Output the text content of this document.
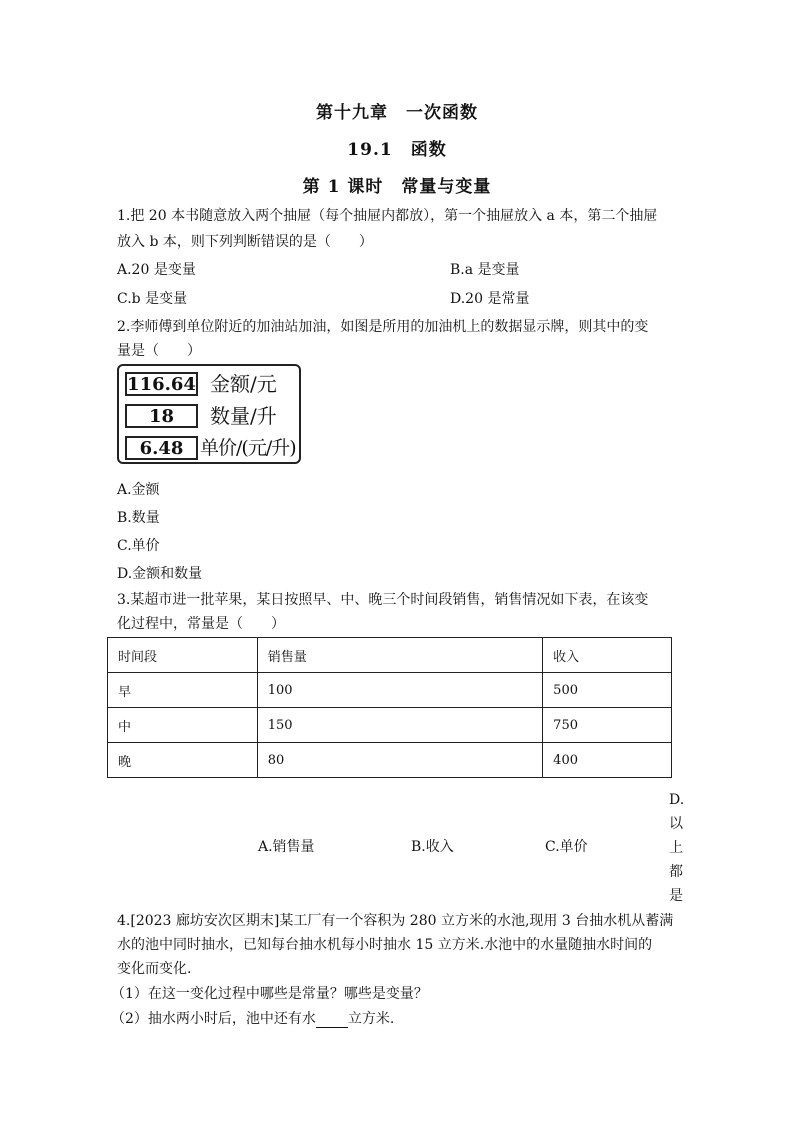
第十九章　一次函数
19.1　函数
第 1 课时　常量与变量
1.把 20 本书随意放入两个抽屉（每个抽屉内都放），第一个抽屉放入 a 本，第二个抽屉
放入 b 本，则下列判断错误的是（　　）
A.20 是变量	B.a 是变量
C.b 是变量	D.20 是常量
2.李师傅到单位附近的加油站加油，如图是所用的加油机上的数据显示牌，则其中的变
量是（　　）
116.64 金额/元
18	数量/升
6.48 单价/(元/升)
A.金额
B.数量
C.单价
D.金额和数量
3.某超市进一批苹果，某日按照早、中、晚三个时间段销售，销售情况如下表，在该变
化过程中，常量是（　　）
时间段	销售量	收入
早	100	500
中	150	750
晚	80	400
A.销售量	B.收入	C.单价
D.
以
上
都
是
4.[2023 廊坊安次区期末]某工厂有一个容积为 280 立方米的水池,现用 3 台抽水机从蓄满
水的池中同时抽水，已知每台抽水机每小时抽水 15 立方米.水池中的水量随抽水时间的
变化而变化.
（1）在这一变化过程中哪些是常量？哪些是变量？
（2）抽水两小时后，池中还有水 立方米.
